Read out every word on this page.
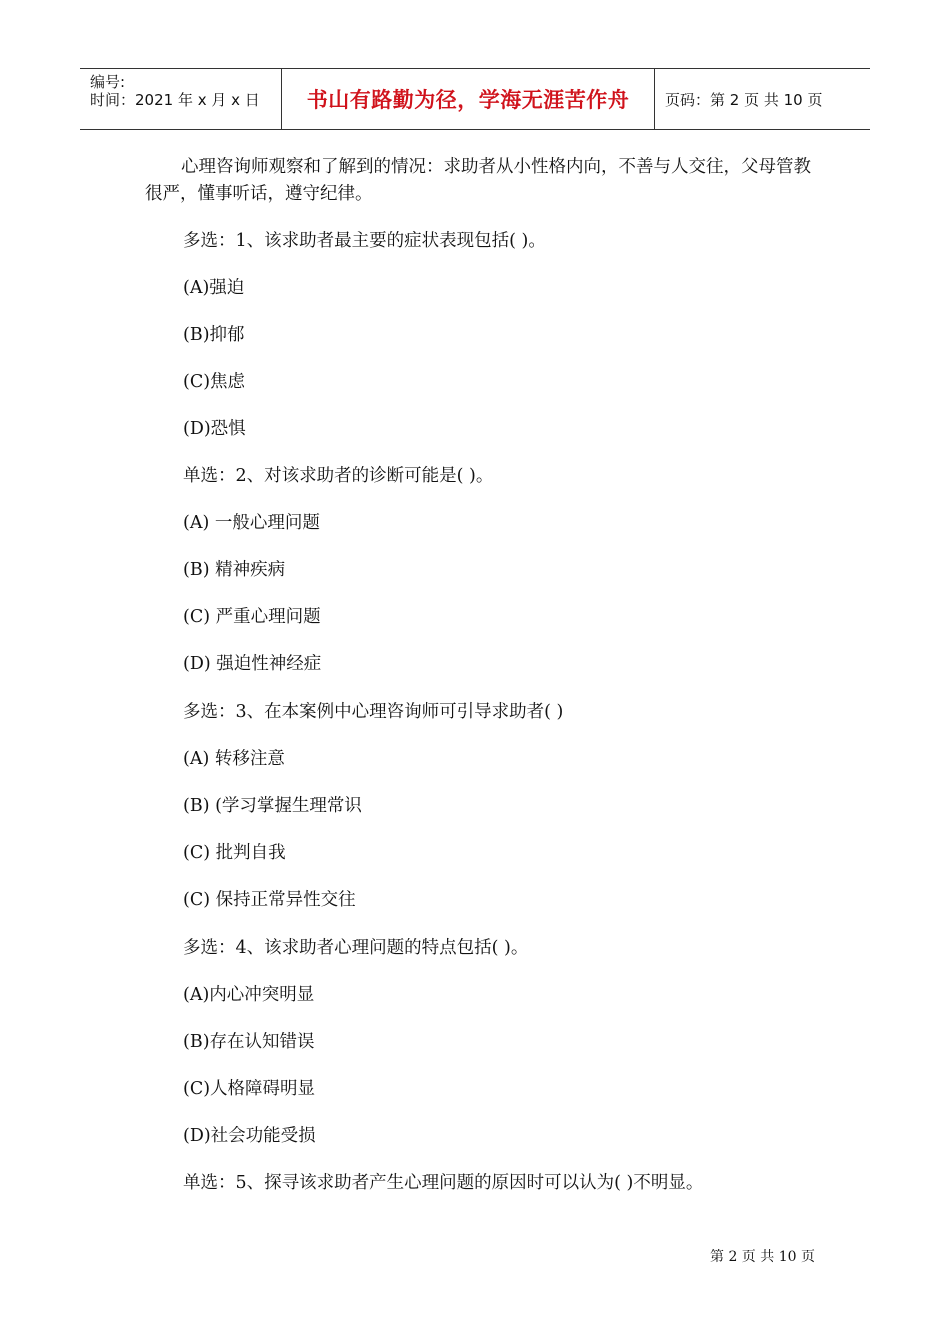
编号:
时间：2021 年 x 月 x 日	书山有路勤为径，学海无涯苦作舟	页码：第 2 页 共 10 页

心理咨询师观察和了解到的情况：求助者从小性格内向，不善与人交往，父母管教很严，懂事听话，遵守纪律。

多选：1、该求助者最主要的症状表现包括( )。
(A)强迫
(B)抑郁
(C)焦虑
(D)恐惧
单选：2、对该求助者的诊断可能是( )。
(A) 一般心理问题
(B) 精神疾病
(C) 严重心理问题
(D) 强迫性神经症
多选：3、在本案例中心理咨询师可引导求助者( )
(A) 转移注意
(B) (学习掌握生理常识
(C) 批判自我
(C) 保持正常异性交往
多选：4、该求助者心理问题的特点包括( )。
(A)内心冲突明显
(B)存在认知错误
(C)人格障碍明显
(D)社会功能受损
单选：5、探寻该求助者产生心理问题的原因时可以认为( )不明显。
第 2 页 共 10 页
